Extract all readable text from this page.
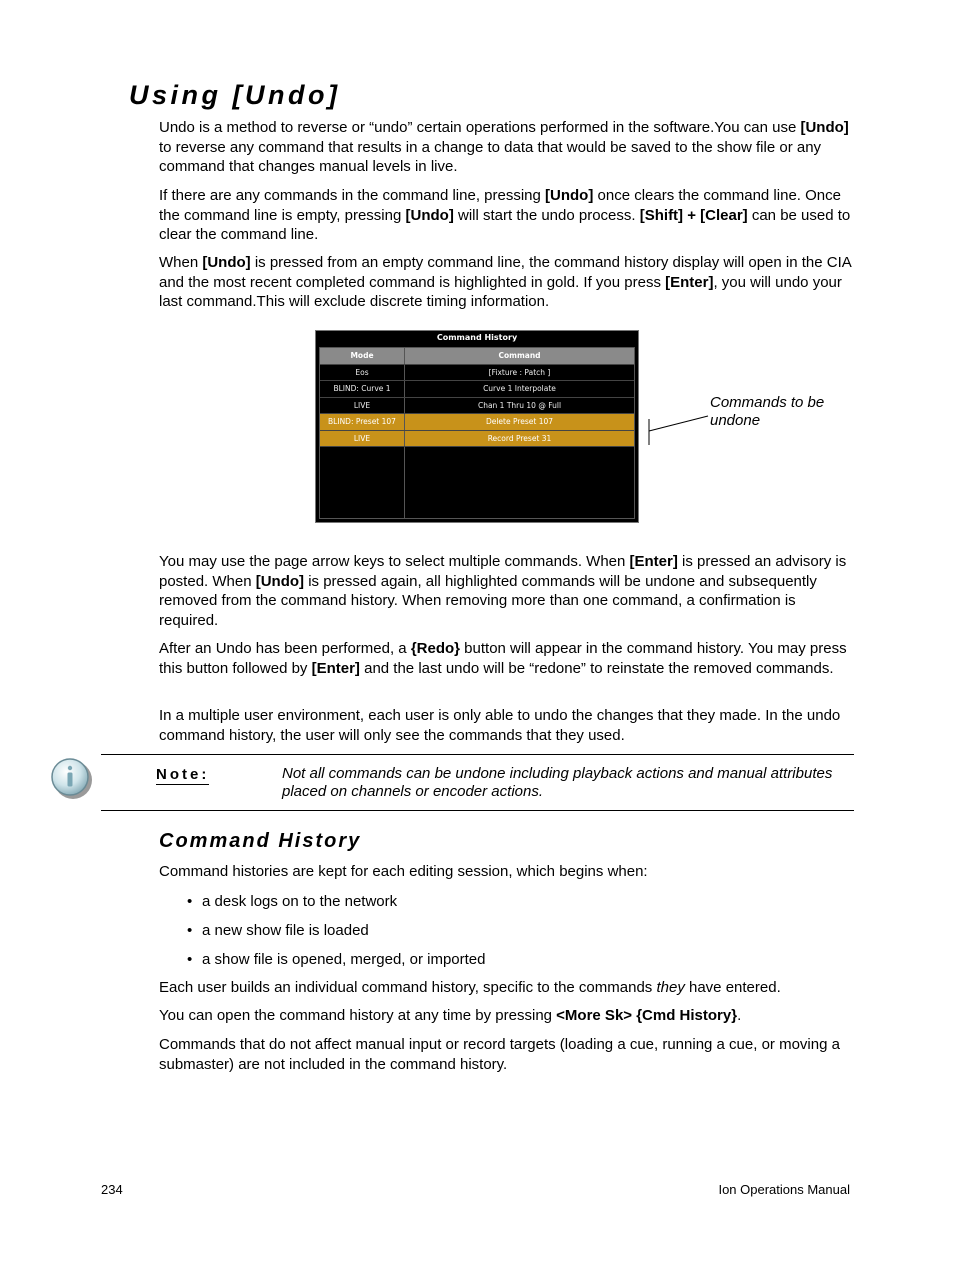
Using [Undo]

Undo is a method to reverse or “undo” certain operations performed in the software.You can use [Undo] to reverse any command that results in a change to data that would be saved to the show file or any command that changes manual levels in live.

If there are any commands in the command line, pressing [Undo] once clears the command line. Once the command line is empty, pressing [Undo] will start the undo process. [Shift] + [Clear] can be used to clear the command line.

When [Undo] is pressed from an empty command line, the command history display will open in the CIA and the most recent completed command is highlighted in gold. If you press [Enter], you will undo your last command.This will exclude discrete timing information.

Command History
Mode	Command
Eos	[Fixture : Patch ]
BLIND: Curve 1	Curve 1 Interpolate
LIVE	Chan 1 Thru 10 @ Full
BLIND: Preset 107	Delete Preset 107
LIVE	Record Preset 31

Commands to be undone

You may use the page arrow keys to select multiple commands. When [Enter] is pressed an advisory is posted. When [Undo] is pressed again, all highlighted commands will be undone and subsequently removed from the command history. When removing more than one command, a confirmation is required.

After an Undo has been performed, a {Redo} button will appear in the command history. You may press this button followed by [Enter] and the last undo will be “redone” to reinstate the removed commands.

In a multiple user environment, each user is only able to undo the changes that they made. In the undo command history, the user will only see the commands that they used.

Note:	Not all commands can be undone including playback actions and manual attributes placed on channels or encoder actions.

Command History

Command histories are kept for each editing session, which begins when:

• a desk logs on to the network

• a new show file is loaded

• a show file is opened, merged, or imported

Each user builds an individual command history, specific to the commands they have entered.

You can open the command history at any time by pressing <More Sk> {Cmd History}.

Commands that do not affect manual input or record targets (loading a cue, running a cue, or moving a submaster) are not included in the command history.

234	Ion Operations Manual
